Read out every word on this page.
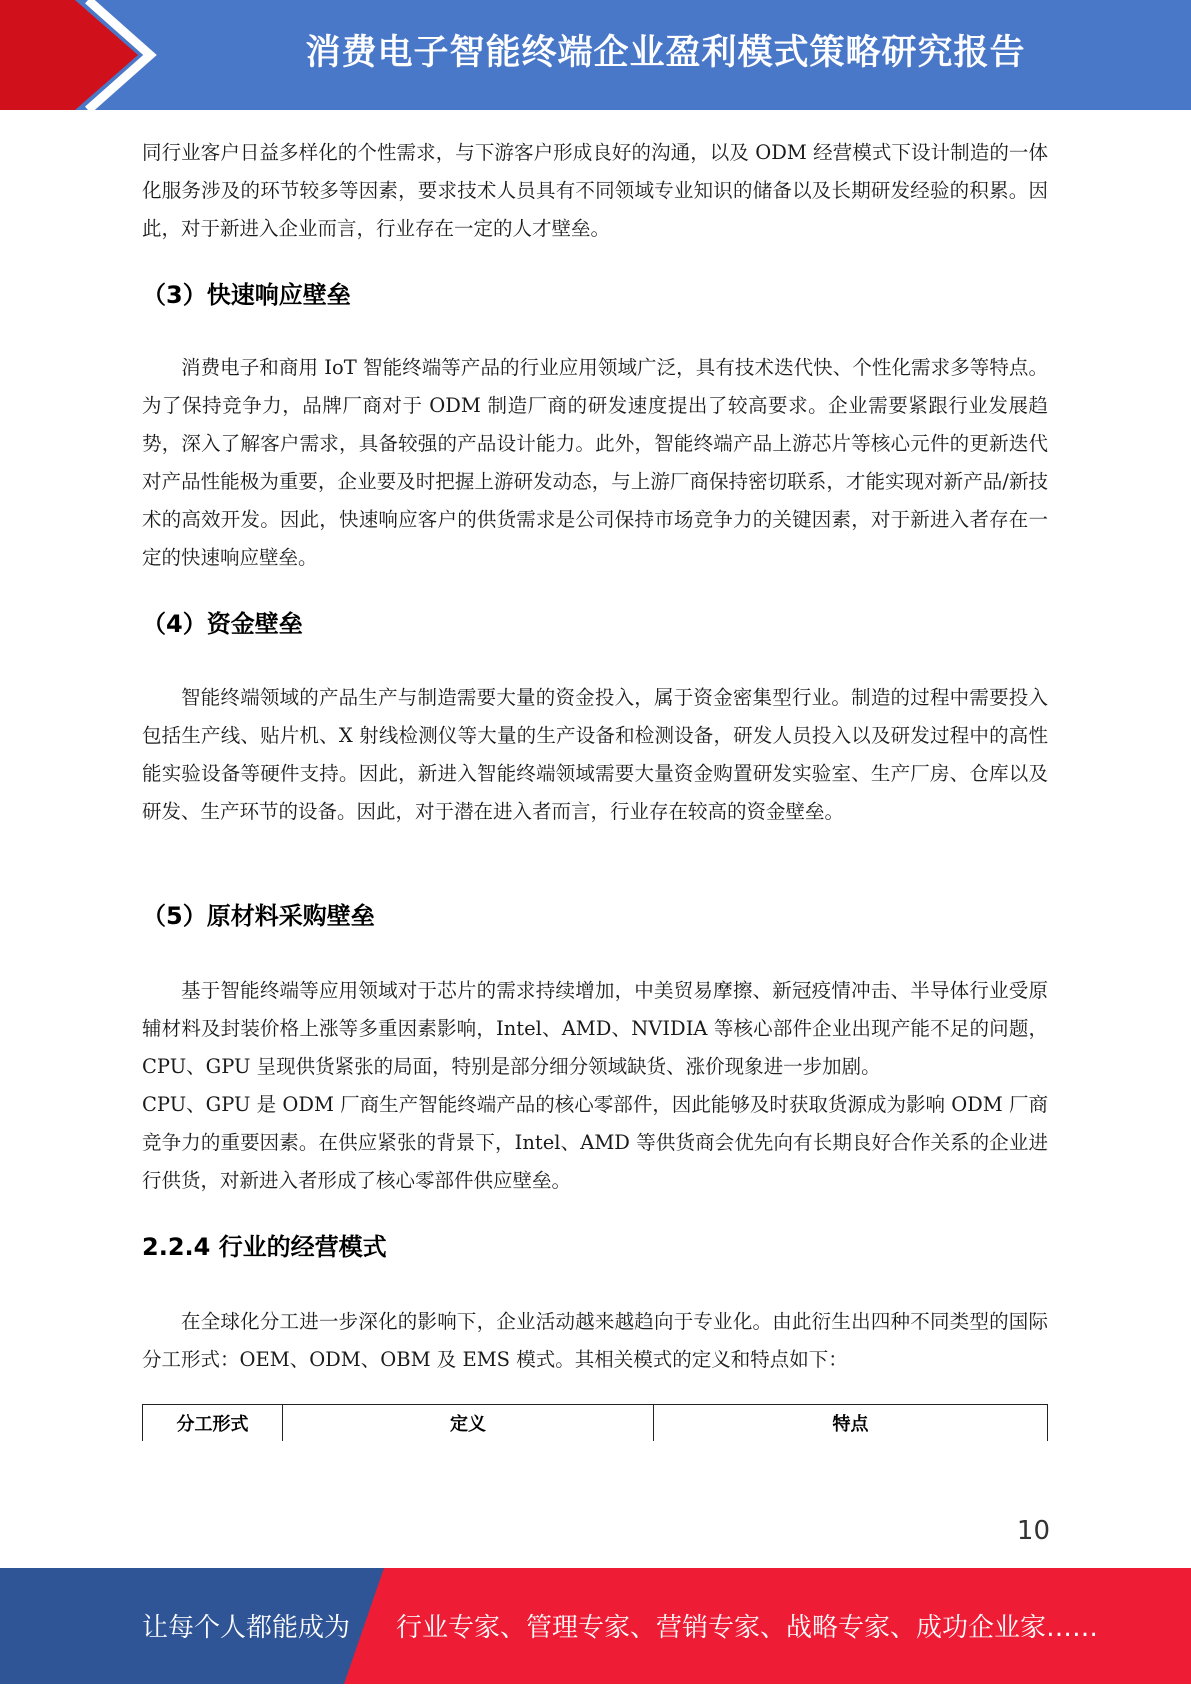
消费电子智能终端企业盈利模式策略研究报告

同行业客户日益多样化的个性需求，与下游客户形成良好的沟通，以及 ODM 经营模式下设计制造的一体化服务涉及的环节较多等因素，要求技术人员具有不同领域专业知识的储备以及长期研发经验的积累。因此，对于新进入企业而言，行业存在一定的人才壁垒。

（3）快速响应壁垒

消费电子和商用 IoT 智能终端等产品的行业应用领域广泛，具有技术迭代快、个性化需求多等特点。为了保持竞争力，品牌厂商对于 ODM 制造厂商的研发速度提出了较高要求。企业需要紧跟行业发展趋势，深入了解客户需求，具备较强的产品设计能力。此外，智能终端产品上游芯片等核心元件的更新迭代对产品性能极为重要，企业要及时把握上游研发动态，与上游厂商保持密切联系，才能实现对新产品/新技术的高效开发。因此，快速响应客户的供货需求是公司保持市场竞争力的关键因素，对于新进入者存在一定的快速响应壁垒。

（4）资金壁垒

智能终端领域的产品生产与制造需要大量的资金投入，属于资金密集型行业。制造的过程中需要投入包括生产线、贴片机、X 射线检测仪等大量的生产设备和检测设备，研发人员投入以及研发过程中的高性能实验设备等硬件支持。因此，新进入智能终端领域需要大量资金购置研发实验室、生产厂房、仓库以及研发、生产环节的设备。因此，对于潜在进入者而言，行业存在较高的资金壁垒。

（5）原材料采购壁垒

基于智能终端等应用领域对于芯片的需求持续增加，中美贸易摩擦、新冠疫情冲击、半导体行业受原辅材料及封装价格上涨等多重因素影响，Intel、AMD、NVIDIA 等核心部件企业出现产能不足的问题，CPU、GPU 呈现供货紧张的局面，特别是部分细分领域缺货、涨价现象进一步加剧。

CPU、GPU 是 ODM 厂商生产智能终端产品的核心零部件，因此能够及时获取货源成为影响 ODM 厂商竞争力的重要因素。在供应紧张的背景下，Intel、AMD 等供货商会优先向有长期良好合作关系的企业进行供货，对新进入者形成了核心零部件供应壁垒。

2.2.4 行业的经营模式

在全球化分工进一步深化的影响下，企业活动越来越趋向于专业化。由此衍生出四种不同类型的国际分工形式：OEM、ODM、OBM 及 EMS 模式。其相关模式的定义和特点如下：

分工形式	定义	特点
10
让每个人都能成为 行业专家、管理专家、营销专家、战略专家、成功企业家……
